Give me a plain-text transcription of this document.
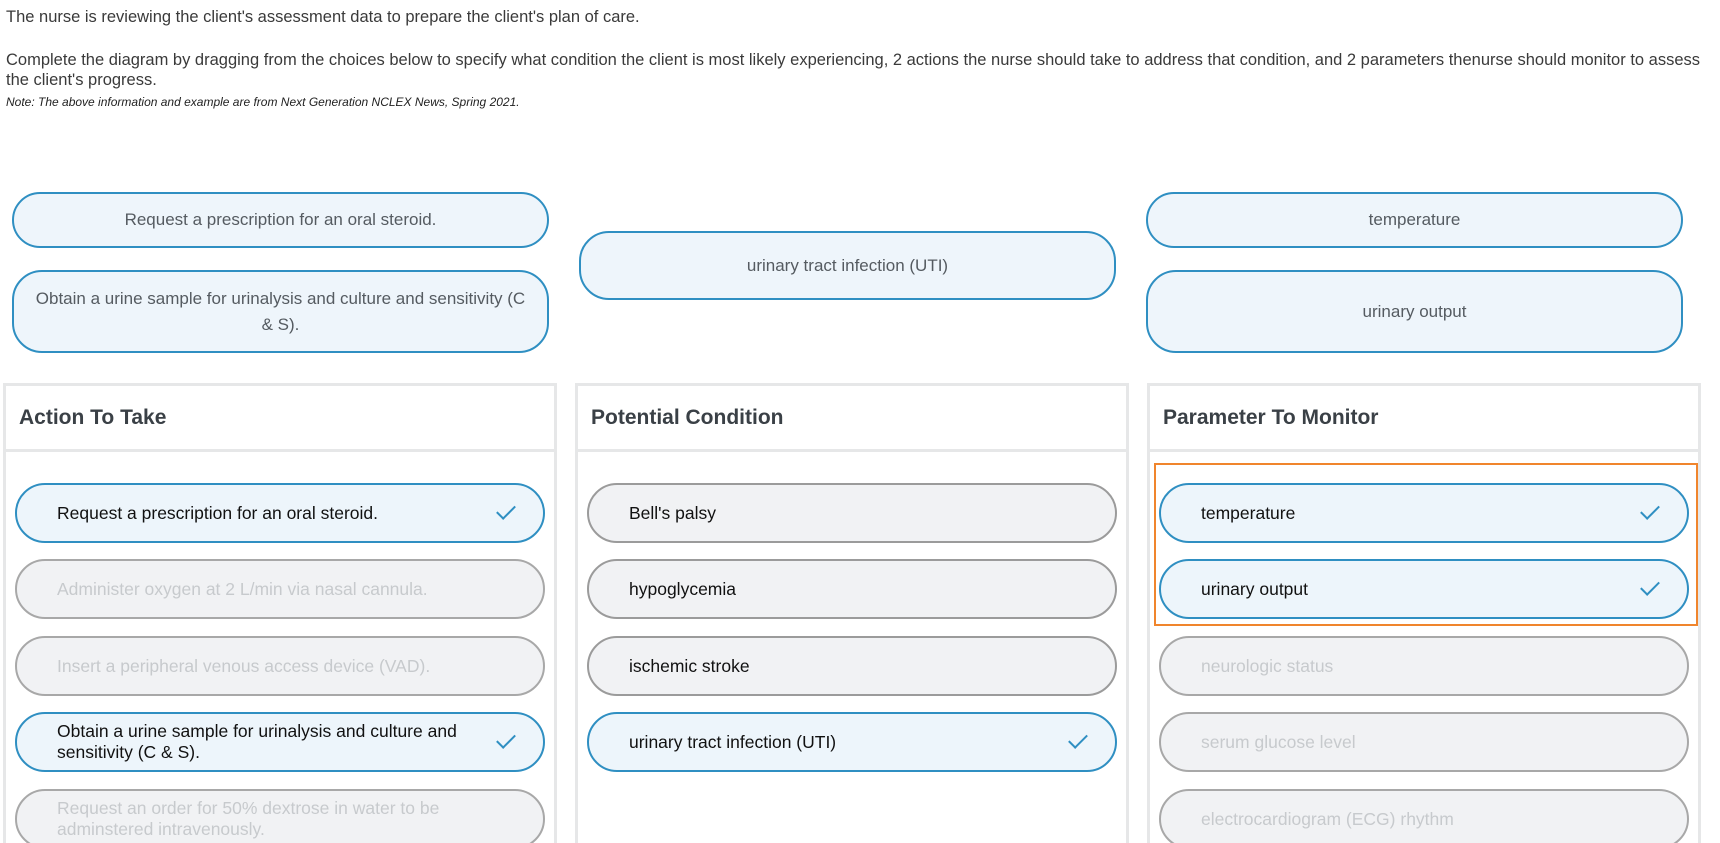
The nurse is reviewing the client's assessment data to prepare the client's plan of care.

Complete the diagram by dragging from the choices below to specify what condition the client is most likely experiencing, 2 actions the nurse should take to address that condition, and 2 parameters thenurse should monitor to assess the client's progress.

Note: The above information and example are from Next Generation NCLEX News, Spring 2021.

Request a prescription for an oral steroid.
Obtain a urine sample for urinalysis and culture and sensitivity (C & S).
urinary tract infection (UTI)
temperature
urinary output
Action To Take
Request a prescription for an oral steroid.
Administer oxygen at 2 L/min via nasal cannula.
Insert a peripheral venous access device (VAD).
Obtain a urine sample for urinalysis and culture and sensitivity (C & S).
Request an order for 50% dextrose in water to be adminstered intravenously.
Potential Condition
Bell's palsy
hypoglycemia
ischemic stroke
urinary tract infection (UTI)
Parameter To Monitor
temperature
urinary output
neurologic status
serum glucose level
electrocardiogram (ECG) rhythm
